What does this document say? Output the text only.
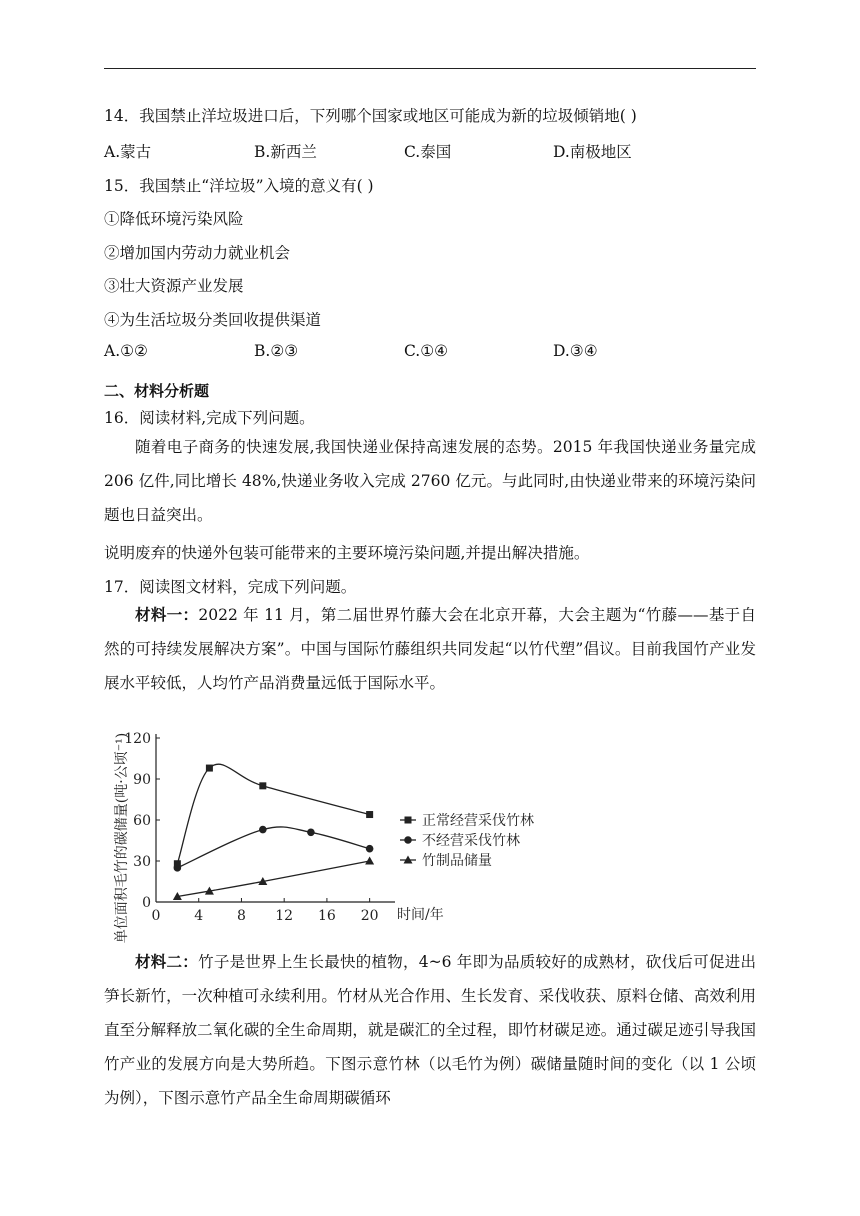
14．我国禁止洋垃圾进口后，下列哪个国家或地区可能成为新的垃圾倾销地( )
A.蒙古	B.新西兰	C.泰国	D.南极地区
15．我国禁止“洋垃圾”入境的意义有( )
①降低环境污染风险
②增加国内劳动力就业机会
③壮大资源产业发展
④为生活垃圾分类回收提供渠道
A.①②	B.②③	C.①④	D.③④
二、材料分析题
16．阅读材料,完成下列问题。
随着电子商务的快速发展,我国快递业保持高速发展的态势。2015 年我国快递业务量完成 206 亿件,同比增长 48%,快递业务收入完成 2760 亿元。与此同时,由快递业带来的环境污染问题也日益突出。
说明废弃的快递外包装可能带来的主要环境污染问题,并提出解决措施。
17．阅读图文材料，完成下列问题。
材料一：2022 年 11 月，第二届世界竹藤大会在北京开幕，大会主题为“竹藤——基于自然的可持续发展解决方案”。中国与国际竹藤组织共同发起“以竹代塑”倡议。目前我国竹产业发展水平较低，人均竹产品消费量远低于国际水平。
0
30
60
90
120
0 4 8 12 16 20 时间/年
单位面积毛竹的碳储量(吨·公顷⁻¹)	正常经营采伐竹林
不经营采伐竹林
竹制品储量
材料二：竹子是世界上生长最快的植物，4~6 年即为品质较好的成熟材，砍伐后可促进出笋长新竹，一次种植可永续利用。竹材从光合作用、生长发育、采伐收获、原料仓储、高效利用直至分解释放二氧化碳的全生命周期，就是碳汇的全过程，即竹材碳足迹。通过碳足迹引导我国竹产业的发展方向是大势所趋。下图示意竹林（以毛竹为例）碳储量随时间的变化（以 1 公顷为例），下图示意竹产品全生命周期碳循环
